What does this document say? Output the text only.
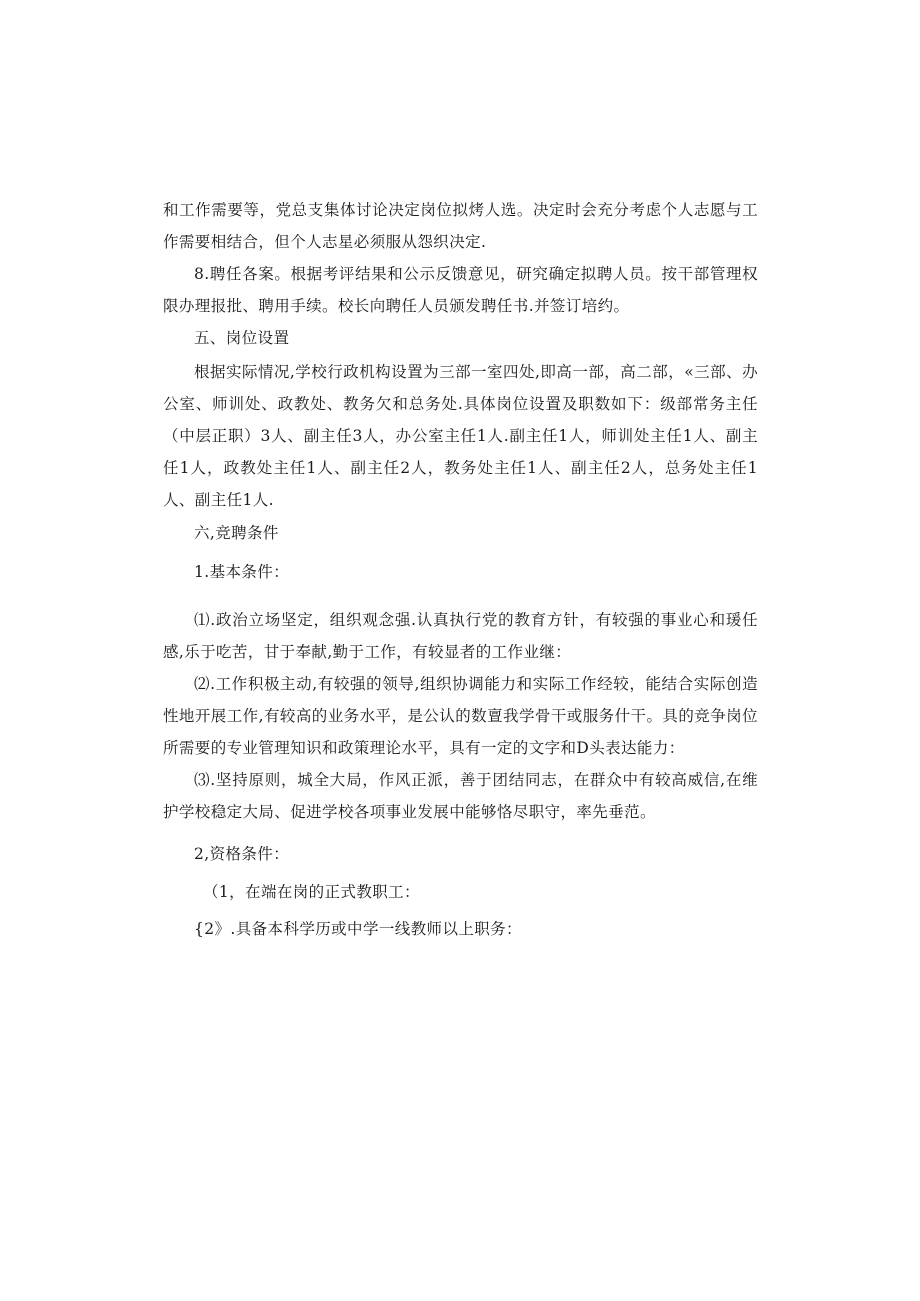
和工作需要等，党总支集体讨论决定岗位拟烤人选。决定时会充分考虑个人志愿与工作需要相结合，但个人志星必须服从怨织决定.

8.聘任各案。根据考评结果和公示反馈意见，研究确定拟聘人员。按干部管理权限办理报批、聘用手续。校长向聘任人员颁发聘任书.并签订培约。

五、岗位设置

根据实际情况,学校行政机构设置为三部一室四处,即高一部，高二部，«三部、办公室、师训处、政教处、教务欠和总务处.具体岗位设置及职数如下：级部常务主任（中层正职）3人、副主任3人，办公室主任1人.副主任1人，师训处主任1人、副主任1人，政教处主任1人、副主任2人，教务处主任1人、副主任2人，总务处主任1人、副主任1人.

六,竞聘条件

1.基本条件：

⑴.政治立场坚定，组织观念强.认真执行党的教育方针，有较强的事业心和瑗任感,乐于吃苦，甘于奉献,勤于工作，有较显者的工作业继：

⑵.工作积极主动,有较强的领导,组织协调能力和实际工作经较，能结合实际创造性地开展工作,有较高的业务水平，是公认的数亶我学骨干或服务什干。具的竞争岗位所需要的专业管理知识和政策理论水平，具有一定的文字和D头表达能力：

⑶.坚持原则，城全大局，作风正派，善于团结同志，在群众中有较高威信,在维护学校稳定大局、促进学校各项事业发展中能够恪尽职守，率先垂范。

2,资格条件：

（1，在端在岗的正式教职工：

{2》.具备本科学历或中学一线教师以上职务：
